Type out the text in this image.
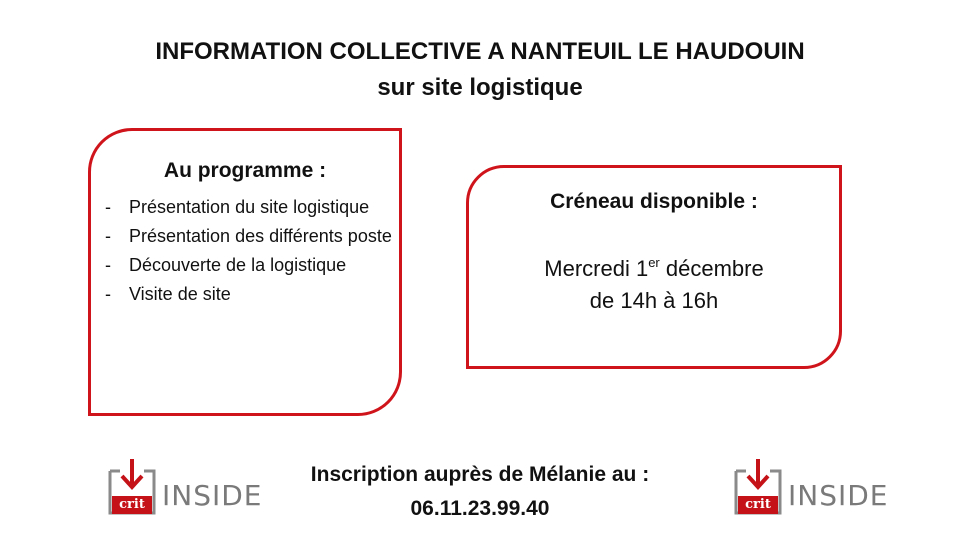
INFORMATION COLLECTIVE A NANTEUIL LE HAUDOUIN
sur site logistique
Au programme :
- Présentation du site logistique
- Présentation des différents poste
- Découverte de la logistique
- Visite de site
Créneau disponible :
Mercredi 1er décembre
de 14h à 16h
Inscription auprès de Mélanie au :
06.11.23.99.40
crit INSIDE	crit INSIDE
